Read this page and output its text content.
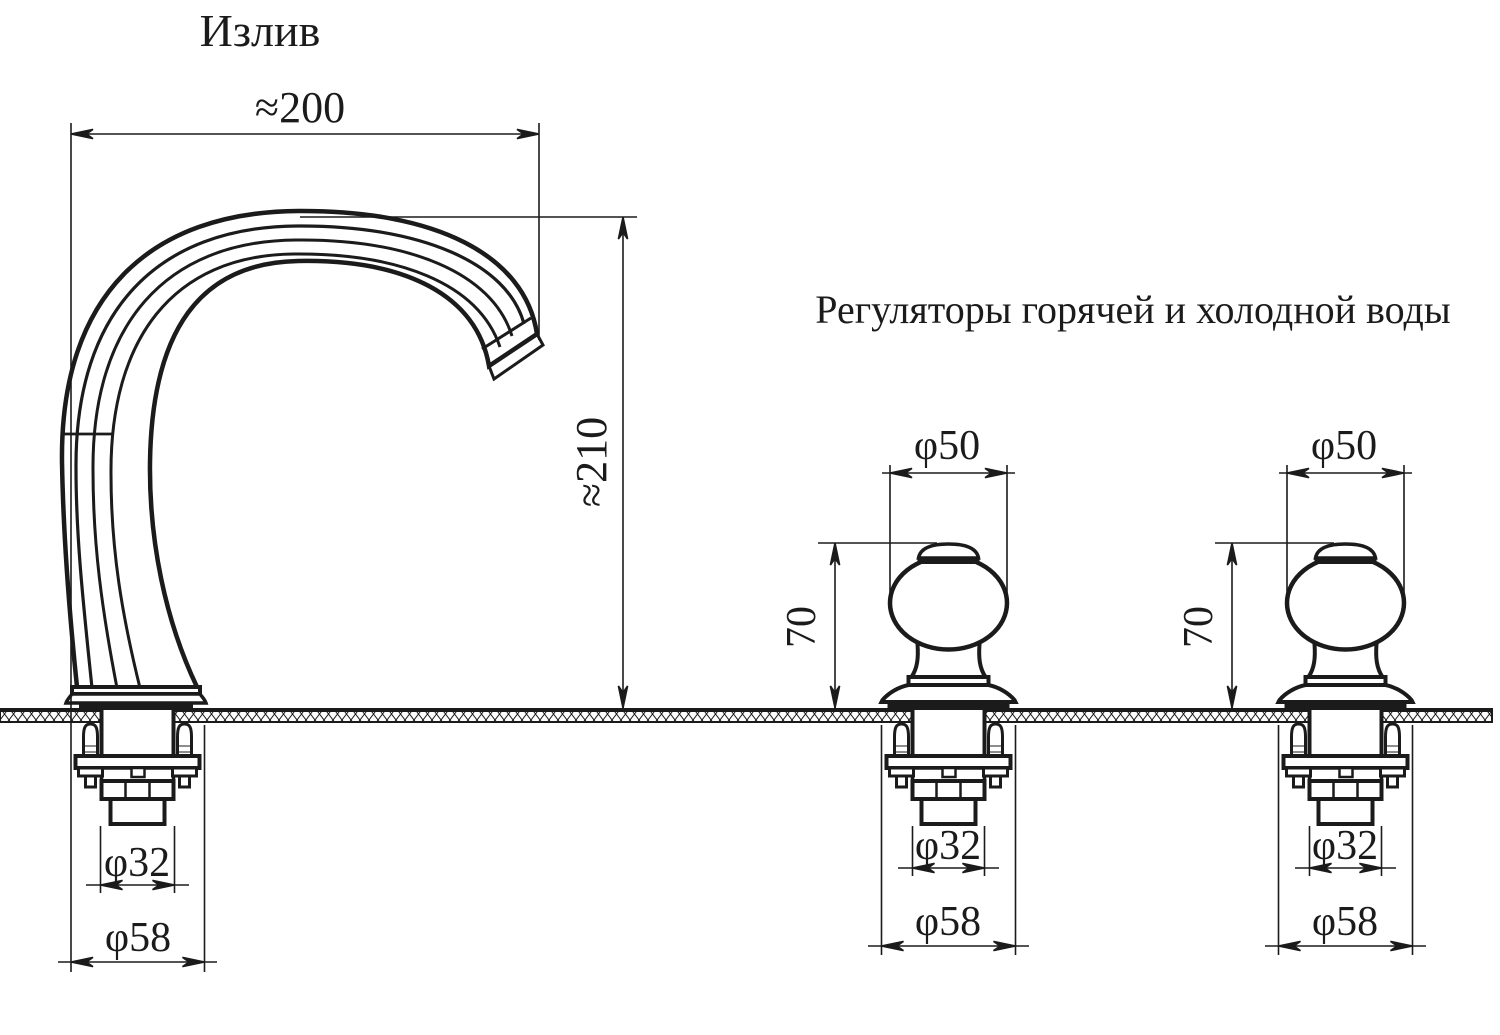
Излив
Регуляторы горячей и холодной воды
≈200
≈210
φ32
φ58
φ50
70
φ32
φ58
φ50
70
φ32
φ58
